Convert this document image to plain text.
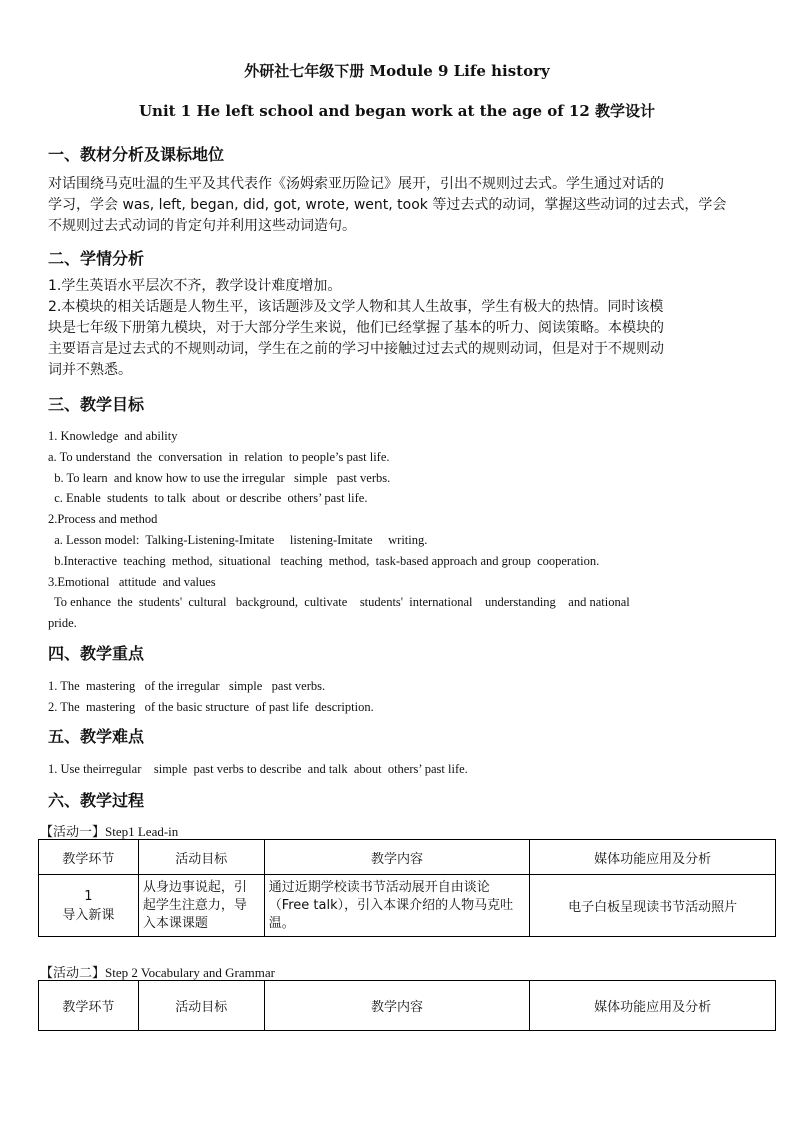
外研社七年级下册 Module 9 Life history
Unit 1 He left school and began work at the age of 12 教学设计
一、教材分析及课标地位
对话围绕马克吐温的生平及其代表作《汤姆索亚历险记》展开，引出不规则过去式。学生通过对话的
学习，学会 was, left, began, did, got, wrote, went, took 等过去式的动词，掌握这些动词的过去式，学会
不规则过去式动词的肯定句并利用这些动词造句。
二、学情分析
1.学生英语水平层次不齐，教学设计难度增加。
2.本模块的相关话题是人物生平，该话题涉及文学人物和其人生故事，学生有极大的热情。同时该模
块是七年级下册第九模块，对于大部分学生来说，他们已经掌握了基本的听力、阅读策略。本模块的
主要语言是过去式的不规则动词，学生在之前的学习中接触过过去式的规则动词，但是对于不规则动
词并不熟悉。
三、教学目标
1. Knowledge  and ability
a. To understand  the  conversation  in  relation  to people’s past life.
b. To learn  and know how to use the irregular   simple   past verbs.
c. Enable  students  to talk  about  or describe  others’ past life.
2.Process and method
a. Lesson model:  Talking-Listening-Imitate     listening-Imitate     writing.
b.Interactive  teaching  method,  situational   teaching  method,  task-based approach and group  cooperation.
3.Emotional   attitude  and values
To enhance  the  students'  cultural   background,  cultivate    students'  international    understanding    and national
pride.
四、教学重点
1. The  mastering   of the irregular   simple   past verbs.
2. The  mastering   of the basic structure  of past life  description.
五、教学难点
1. Use theirregular    simple  past verbs to describe  and talk  about  others’ past life.
六、教学过程
【活动一】Step1 Lead-in
教学环节	活动目标	教学内容	媒体功能应用及分析

1
导入新课	从身边事说起，引起学生注意力，导入本课课题	通过近期学校读书节活动展开自由谈论（Free talk），引入本课介绍的人物马克吐温。	电子白板呈现读书节活动照片
【活动二】Step 2 Vocabulary and Grammar
教学环节	活动目标	教学内容	媒体功能应用及分析
